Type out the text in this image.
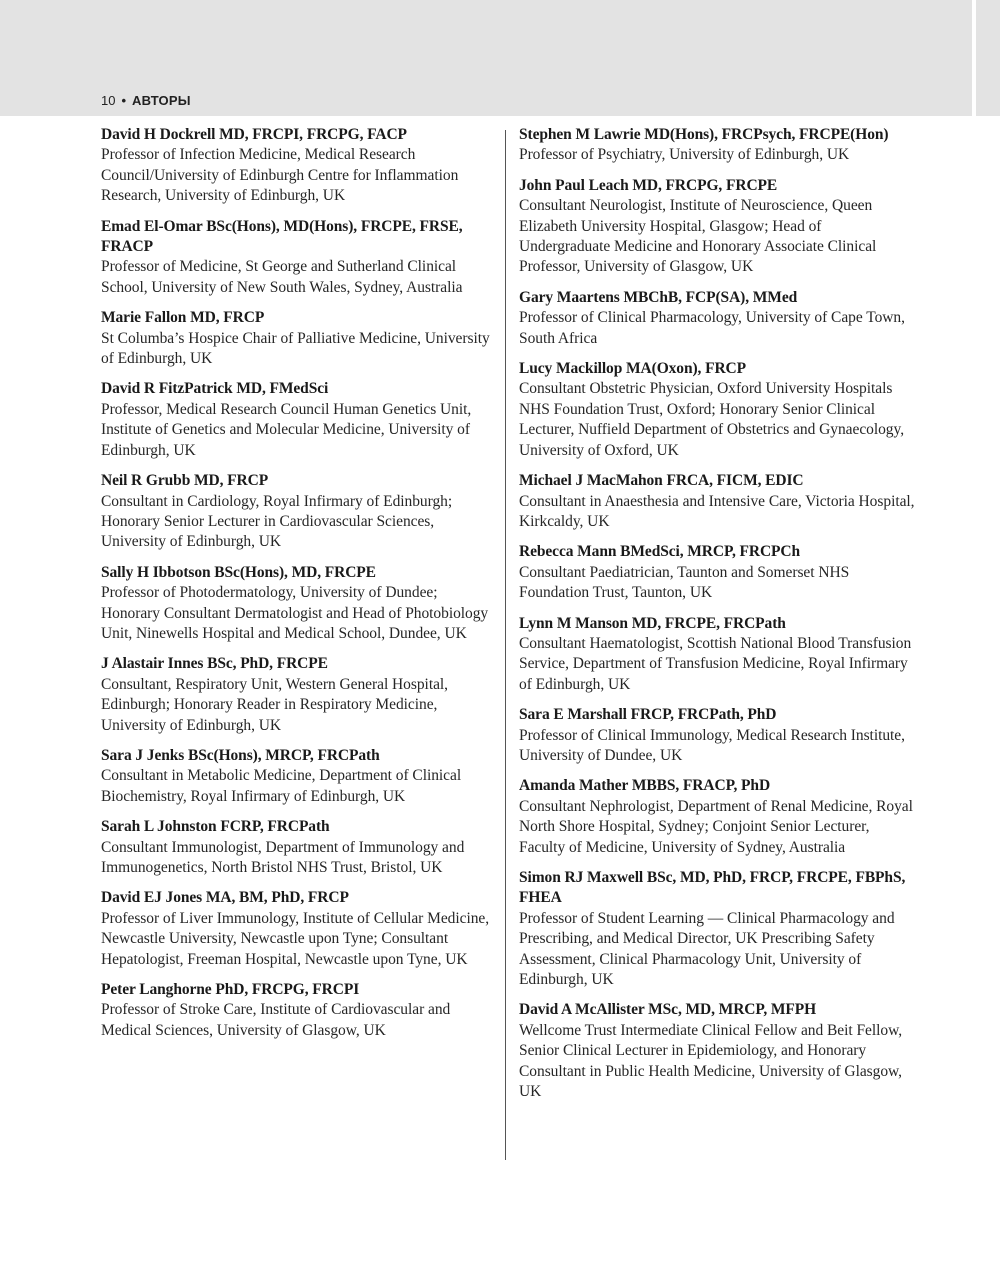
10 • АВТОРЫ
David H Dockrell MD, FRCPI, FRCPG, FACP
Professor of Infection Medicine, Medical Research Council/University of Edinburgh Centre for Inflammation Research, University of Edinburgh, UK
Emad El-Omar BSc(Hons), MD(Hons), FRCPE, FRSE, FRACP
Professor of Medicine, St George and Sutherland Clinical School, University of New South Wales, Sydney, Australia
Marie Fallon MD, FRCP
St Columba’s Hospice Chair of Palliative Medicine, University of Edinburgh, UK
David R FitzPatrick MD, FMedSci
Professor, Medical Research Council Human Genetics Unit, Institute of Genetics and Molecular Medicine, University of Edinburgh, UK
Neil R Grubb MD, FRCP
Consultant in Cardiology, Royal Infirmary of Edinburgh; Honorary Senior Lecturer in Cardiovascular Sciences, University of Edinburgh, UK
Sally H Ibbotson BSc(Hons), MD, FRCPE
Professor of Photodermatology, University of Dundee; Honorary Consultant Dermatologist and Head of Photobiology Unit, Ninewells Hospital and Medical School, Dundee, UK
J Alastair Innes BSc, PhD, FRCPE
Consultant, Respiratory Unit, Western General Hospital, Edinburgh; Honorary Reader in Respiratory Medicine, University of Edinburgh, UK
Sara J Jenks BSc(Hons), MRCP, FRCPath
Consultant in Metabolic Medicine, Department of Clinical Biochemistry, Royal Infirmary of Edinburgh, UK
Sarah L Johnston FCRP, FRCPath
Consultant Immunologist, Department of Immunology and Immunogenetics, North Bristol NHS Trust, Bristol, UK
David EJ Jones MA, BM, PhD, FRCP
Professor of Liver Immunology, Institute of Cellular Medicine, Newcastle University, Newcastle upon Tyne; Consultant Hepatologist, Freeman Hospital, Newcastle upon Tyne, UK
Peter Langhorne PhD, FRCPG, FRCPI
Professor of Stroke Care, Institute of Cardiovascular and Medical Sciences, University of Glasgow, UK
Stephen M Lawrie MD(Hons), FRCPsych, FRCPE(Hon)
Professor of Psychiatry, University of Edinburgh, UK
John Paul Leach MD, FRCPG, FRCPE
Consultant Neurologist, Institute of Neuroscience, Queen Elizabeth University Hospital, Glasgow; Head of Undergraduate Medicine and Honorary Associate Clinical Professor, University of Glasgow, UK
Gary Maartens MBChB, FCP(SA), MMed
Professor of Clinical Pharmacology, University of Cape Town, South Africa
Lucy Mackillop MA(Oxon), FRCP
Consultant Obstetric Physician, Oxford University Hospitals NHS Foundation Trust, Oxford; Honorary Senior Clinical Lecturer, Nuffield Department of Obstetrics and Gynaecology, University of Oxford, UK
Michael J MacMahon FRCA, FICM, EDIC
Consultant in Anaesthesia and Intensive Care, Victoria Hospital, Kirkcaldy, UK
Rebecca Mann BMedSci, MRCP, FRCPCh
Consultant Paediatrician, Taunton and Somerset NHS Foundation Trust, Taunton, UK
Lynn M Manson MD, FRCPE, FRCPath
Consultant Haematologist, Scottish National Blood Transfusion Service, Department of Transfusion Medicine, Royal Infirmary of Edinburgh, UK
Sara E Marshall FRCP, FRCPath, PhD
Professor of Clinical Immunology, Medical Research Institute, University of Dundee, UK
Amanda Mather MBBS, FRACP, PhD
Consultant Nephrologist, Department of Renal Medicine, Royal North Shore Hospital, Sydney; Conjoint Senior Lecturer, Faculty of Medicine, University of Sydney, Australia
Simon RJ Maxwell BSc, MD, PhD, FRCP, FRCPE, FBPhS, FHEA
Professor of Student Learning — Clinical Pharmacology and Prescribing, and Medical Director, UK Prescribing Safety Assessment, Clinical Pharmacology Unit, University of Edinburgh, UK
David A McAllister MSc, MD, MRCP, MFPH
Wellcome Trust Intermediate Clinical Fellow and Beit Fellow, Senior Clinical Lecturer in Epidemiology, and Honorary Consultant in Public Health Medicine, University of Glasgow, UK
